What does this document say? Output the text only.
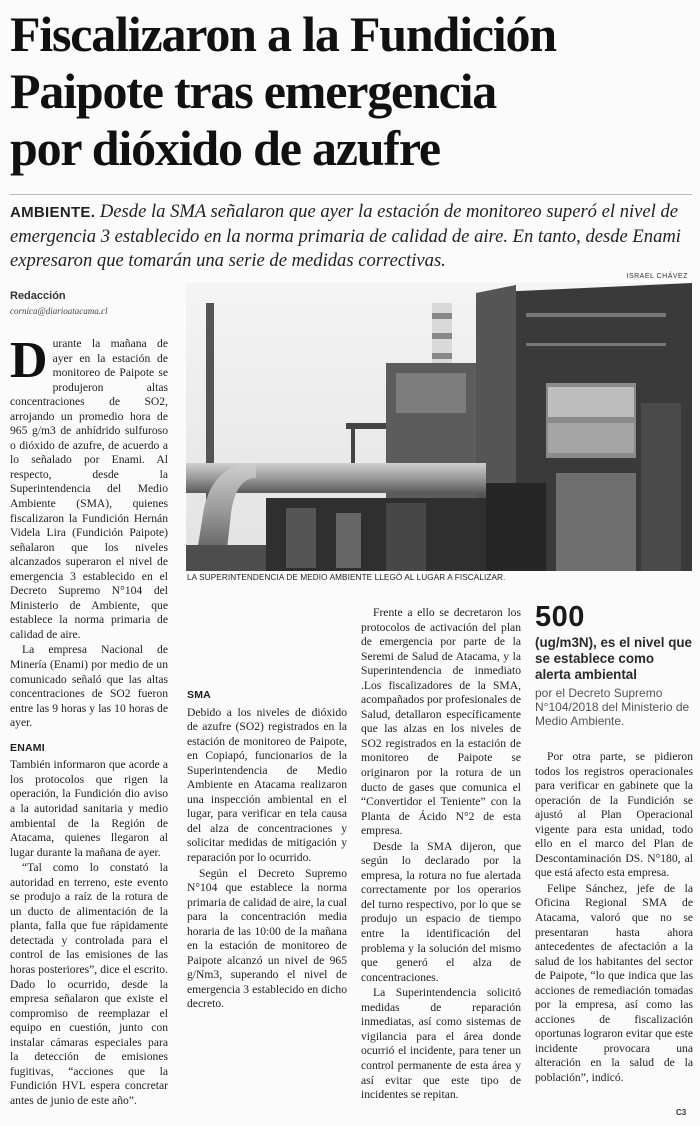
Fiscalizaron a la Fundición
Paipote tras emergencia
por dióxido de azufre
AMBIENTE. Desde la SMA señalaron que ayer la estación de monitoreo superó el nivel de emergencia 3 establecido en la norma primaria de calidad de aire. En tanto, desde Enami expresaron que tomarán una serie de medidas correctivas.
ISRAEL CHÁVEZ
Redacción
cornica@diarioatacama.cl
LA SUPERINTENDENCIA DE MEDIO AMBIENTE LLEGÓ AL LUGAR A FISCALIZAR.

Durante la mañana de ayer en la estación de monitoreo de Paipote se produjeron altas concentraciones de SO2, arrojando un promedio hora de 965 g/m3 de anhídrido sulfuroso o dióxido de azufre, de acuerdo a lo señalado por Enami. Al respecto, desde la Superintendencia del Medio Ambiente (SMA), quienes fiscalizaron la Fundición Hernán Videla Lira (Fundición Paipote) señalaron que los niveles alcanzados superaron el nivel de emergencia 3 establecido en el Decreto Supremo N°104 del Ministerio de Ambiente, que establece la norma primaria de calidad de aire.

La empresa Nacional de Minería (Enami) por medio de un comunicado señaló que las altas concentraciones de SO2 fueron entre las 9 horas y las 10 horas de ayer.

ENAMI

También informaron que acorde a los protocolos que rigen la operación, la Fundición dio aviso a la autoridad sanitaria y medio ambiental de la Región de Atacama, quienes llegaron al lugar durante la mañana de ayer.

“Tal como lo constató la autoridad en terreno, este evento se produjo a raíz de la rotura de un ducto de alimentación de la planta, falla que fue rápidamente detectada y controlada para el control de las emisiones de las horas posteriores”, dice el escrito. Dado lo ocurrido, desde la empresa señalaron que existe el compromiso de reemplazar el equipo en cuestión, junto con instalar cámaras especiales para la detección de emisiones fugitivas, “acciones que la Fundición HVL espera concretar antes de junio de este año”.

SMA

Debido a los niveles de dióxido de azufre (SO2) registrados en la estación de monitoreo de Paipote, en Copiapó, funcionarios de la Superintendencia de Medio Ambiente en Atacama realizaron una inspección ambiental en el lugar, para verificar en tela causa del alza de concentraciones y solicitar medidas de mitigación y reparación por lo ocurrido.

Según el Decreto Supremo N°104 que establece la norma primaria de calidad de aire, la cual para la concentración media horaria de las 10:00 de la mañana en la estación de monitoreo de Paipote alcanzó un nivel de 965 g/Nm3, superando el nivel de emergencia 3 establecido en dicho decreto.

Frente a ello se decretaron los protocolos de activación del plan de emergencia por parte de la Seremi de Salud de Atacama, y la Superintendencia de inmediato .Los fiscalizadores de la SMA, acompañados por profesionales de Salud, detallaron específicamente que las alzas en los niveles de SO2 registrados en la estación de monitoreo de Paipote se originaron por la rotura de un ducto de gases que comunica el “Convertidor el Teniente” con la Planta de Ácido N°2 de esta empresa.

Desde la SMA dijeron, que según lo declarado por la empresa, la rotura no fue alertada correctamente por los operarios del turno respectivo, por lo que se produjo un espacio de tiempo entre la identificación del problema y la solución del mismo que generó el alza de concentraciones.

La Superintendencia solicitó medidas de reparación inmediatas, así como sistemas de vigilancia para el área donde ocurrió el incidente, para tener un control permanente de esta área y así evitar que este tipo de incidentes se repitan.

500
(ug/m3N), es el nivel que se establece como alerta ambiental
por el Decreto Supremo N°104/2018 del Ministerio de Medio Ambiente.

Por otra parte, se pidieron todos los registros operacionales para verificar en gabinete que la operación de la Fundición se ajustó al Plan Operacional vigente para esta unidad, todo ello en el marco del Plan de Descontaminación DS. N°180, al que está afecto esta empresa.

Felipe Sánchez, jefe de la Oficina Regional SMA de Atacama, valoró que no se presentaran hasta ahora antecedentes de afectación a la salud de los habitantes del sector de Paipote, “lo que indica que las acciones de remediación tomadas por la empresa, así como las acciones de fiscalización oportunas lograron evitar que este incidente provocara una alteración en la salud de la población”, indicó.

C3
